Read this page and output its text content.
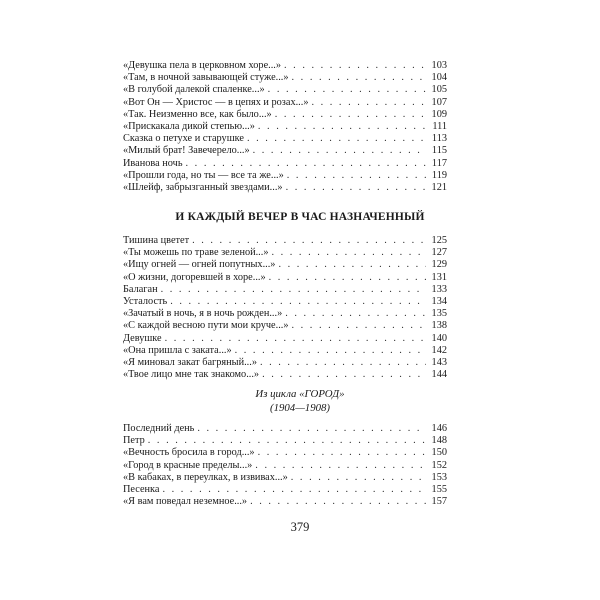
«Девушка пела в церковном хоре...» . . .	103
«Там, в ночной завывающей стуже...» . . .	104
«В голубой далекой спаленке...» . . .	105
«Вот Он — Христос — в цепях и розах...» . . .	107
«Так. Неизменно все, как было...» . . .	109
«Прискакала дикой степью...» . . .	111
Сказка о петухе и старушке . . .	113
«Милый брат! Завечерело...» . . .	115
Иванова ночь . . .	117
«Прошли года, но ты — все та же...» . . .	119
«Шлейф, забрызганный звездами...» . . .	121
И КАЖДЫЙ ВЕЧЕР В ЧАС НАЗНАЧЕННЫЙ
Тишина цветет . . .	125
«Ты можешь по траве зеленой...» . . .	127
«Ищу огней — огней попутных...» . . .	129
«О жизни, догоревшей в хоре...» . . .	131
Балаган . . .	133
Усталость . . .	134
«Зачатый в ночь, я в ночь рожден...» . . .	135
«С каждой весною пути мои круче...» . . .	138
Девушке . . .	140
«Она пришла с заката...» . . .	142
«Я миновал закат багряный...» . . .	143
«Твое лицо мне так знакомо...» . . .	144
Из цикла «ГОРОД»
(1904—1908)
Последний день . . .	146
Петр . . .	148
«Вечность бросила в город...» . . .	150
«Город в красные пределы...» . . .	152
«В кабаках, в переулках, в извивах...» . . .	153
Песенка . . .	155
«Я вам поведал неземное...» . . .	157
379
